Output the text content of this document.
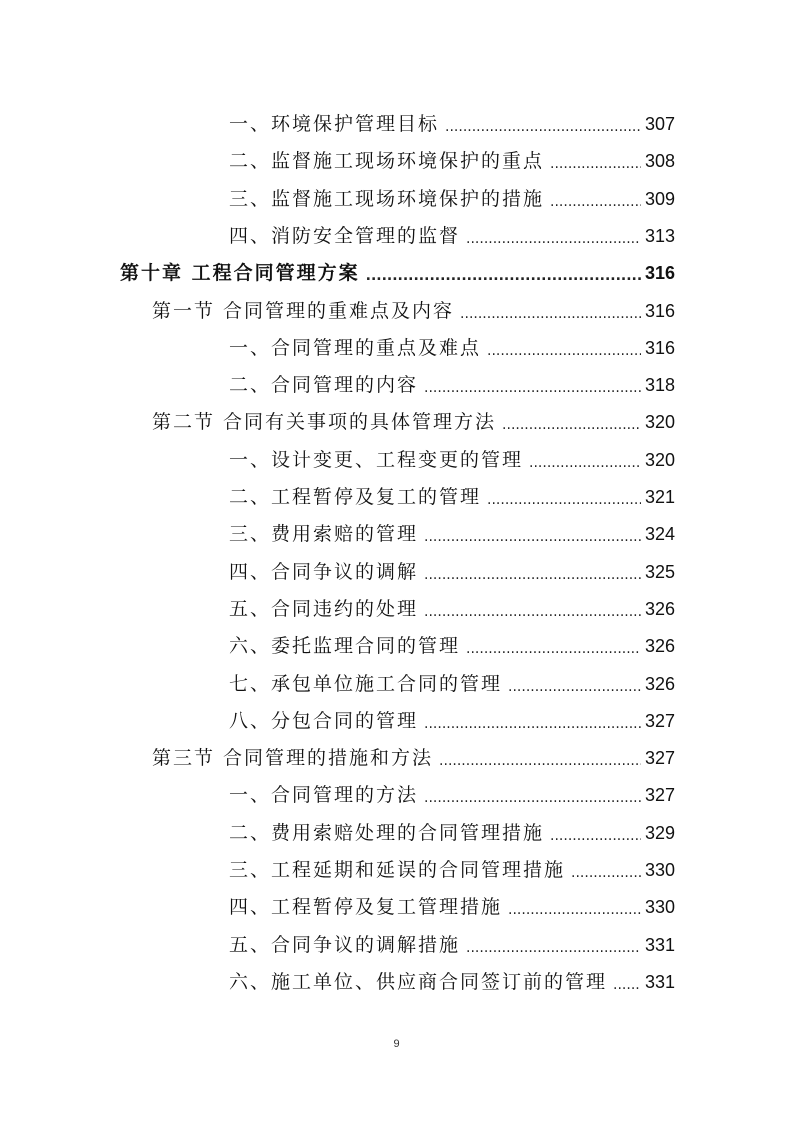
一、环境保护管理目标 .....	307
二、监督施工现场环境保护的重点 .....	308
三、监督施工现场环境保护的措施 .....	309
四、消防安全管理的监督 .....	313
第十章 工程合同管理方案 .....	316
第一节 合同管理的重难点及内容 .....	316
一、合同管理的重点及难点 .....	316
二、合同管理的内容 .....	318
第二节 合同有关事项的具体管理方法 .....	320
一、设计变更、工程变更的管理 .....	320
二、工程暂停及复工的管理 .....	321
三、费用索赔的管理 .....	324
四、合同争议的调解 .....	325
五、合同违约的处理 .....	326
六、委托监理合同的管理 .....	326
七、承包单位施工合同的管理 .....	326
八、分包合同的管理 .....	327
第三节 合同管理的措施和方法 .....	327
一、合同管理的方法 .....	327
二、费用索赔处理的合同管理措施 .....	329
三、工程延期和延误的合同管理措施 .....	330
四、工程暂停及复工管理措施 .....	330
五、合同争议的调解措施 .....	331
六、施工单位、供应商合同签订前的管理 ..... 331
9
